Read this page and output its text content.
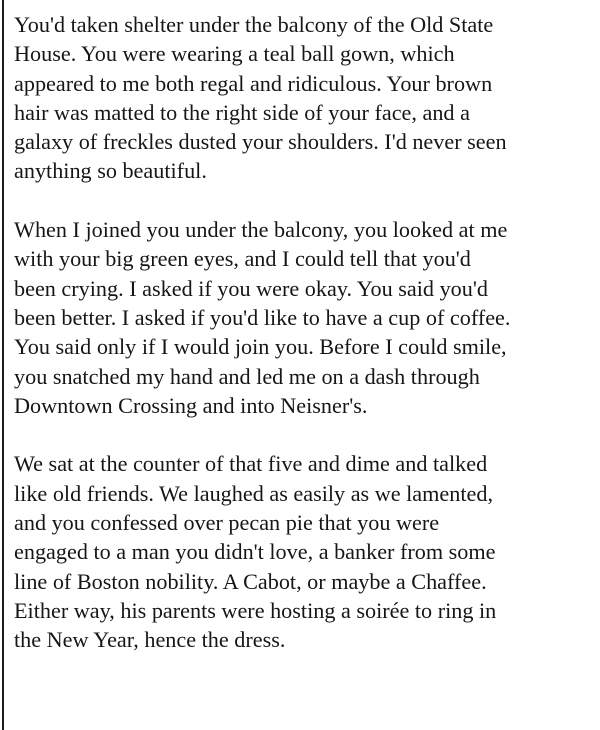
You'd taken shelter under the balcony of the Old State

House. You were wearing a teal ball gown, which

appeared to me both regal and ridiculous. Your brown

hair was matted to the right side of your face, and a

galaxy of freckles dusted your shoulders. I'd never seen

anything so beautiful.

When I joined you under the balcony, you looked at me

with your big green eyes, and I could tell that you'd

been crying. I asked if you were okay. You said you'd

been better. I asked if you'd like to have a cup of coffee.

You said only if I would join you. Before I could smile,

you snatched my hand and led me on a dash through

Downtown Crossing and into Neisner's.

We sat at the counter of that five and dime and talked

like old friends. We laughed as easily as we lamented,

and you confessed over pecan pie that you were

engaged to a man you didn't love, a banker from some

line of Boston nobility. A Cabot, or maybe a Chaffee.

Either way, his parents were hosting a soirée to ring in

the New Year, hence the dress.
